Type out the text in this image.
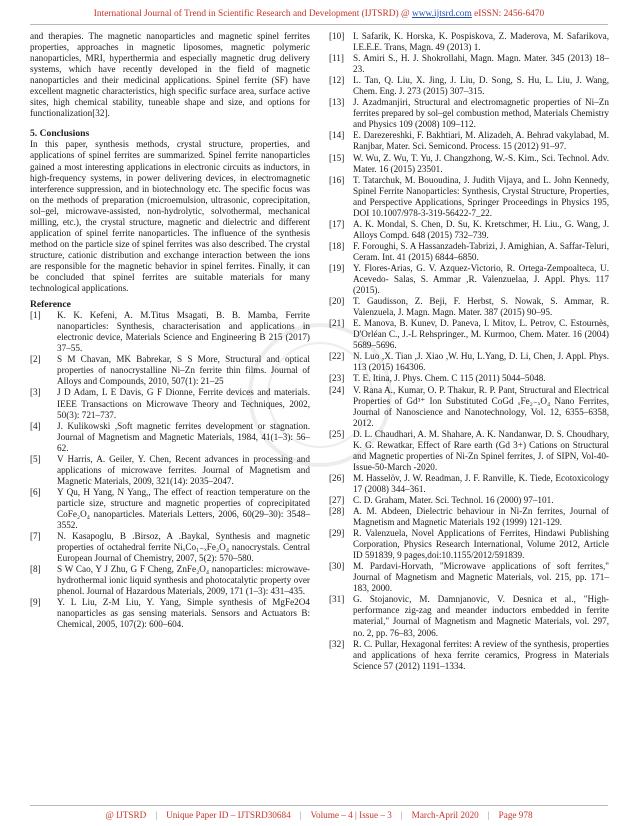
International Journal of Trend in Scientific Research and Development (IJTSRD) @ www.ijtsrd.com eISSN: 2456-6470

and therapies. The magnetic nanoparticles and magnetic spinel ferrites properties, approaches in magnetic liposomes, magnetic polymeric nanoparticles, MRI, hyperthermia and especially magnetic drug delivery systems, which have recently developed in the field of magnetic nanoparticles and their medicinal applications. Spinel ferrite (SF) have excellent magnetic characteristics, high specific surface area, surface active sites, high chemical stability, tuneable shape and size, and options for functionalization[32].

5. Conclusions

In this paper, synthesis methods, crystal structure, properties, and applications of spinel ferrites are summarized. Spinel ferrite nanoparticles gained a most interesting applications in electronic circuits as inductors, in high-frequency systems, in power delivering devices, in electromagnetic interference suppression, and in biotechnology etc. The specific focus was on the methods of preparation (microemulsion, ultrasonic, coprecipitation, sol–gel, microwave-assisted, non-hydrolytic, solvothermal, mechanical milling, etc.), the crystal structure, magnetic and dielectric and different application of spinel ferrite nanoparticles. The influence of the synthesis method on the particle size of spinel ferrites was also described. The crystal structure, cationic distribution and exchange interaction between the ions are responsible for the magnetic behavior in spinel ferrites. Finally, it can be concluded that spinel ferrites are suitable materials for many technological applications.

Reference

[1]	K. K. Kefeni, A. M.Titus Msagati, B. B. Mamba, Ferrite nanoparticles: Synthesis, characterisation and applications in electronic device, Materials Science and Engineering B 215 (2017) 37–55.
[2]	S M Chavan, MK Babrekar, S S More, Structural and optical properties of nanocrystalline Ni–Zn ferrite thin films. Journal of Alloys and Compounds, 2010, 507(1): 21–25
[3]	J D Adam, L E Davis, G F Dionne, Ferrite devices and materials. IEEE Transactions on Microwave Theory and Techniques, 2002, 50(3): 721–737.
[4]	J. Kulikowski ,Soft magnetic ferrites development or stagnation. Journal of Magnetism and Magnetic Materials, 1984, 41(1–3): 56–62.
[5]	V Harris, A. Geiler, Y. Chen, Recent advances in processing and applications of microwave ferrites. Journal of Magnetism and Magnetic Materials, 2009, 321(14): 2035–2047.
[6]	Y Qu, H Yang, N Yang,, The effect of reaction temperature on the particle size, structure and magnetic properties of coprecipitated CoFe₂O₄ nanoparticles. Materials Letters, 2006, 60(29–30): 3548–3552.
[7]	N. Kasapoglu, B .Birsoz, A .Baykal, Synthesis and magnetic properties of octahedral ferrite NiₓCo₁₋ₓFe₂O₄ nanocrystals. Central European Journal of Chemistry, 2007, 5(2): 570–580.
[8]	S W Cao, Y J Zhu, G F Cheng, ZnFe₂O₄ nanoparticles: microwave-hydrothermal ionic liquid synthesis and photocatalytic property over phenol. Journal of Hazardous Materials, 2009, 171 (1–3): 431–435.
[9]	Y. L Liu, Z-M Liu, Y. Yang, Simple synthesis of MgFe2O4 nanoparticles as gas sensing materials. Sensors and Actuators B: Chemical, 2005, 107(2): 600–604.
[10] I. Safarik, K. Horska, K. Pospiskova, Z. Maderova, M. Safarikova, I.E.E.E. Trans, Magn. 49 (2013) 1.
[11] S. Amiri S., H. J. Shokrollahi, Magn. Magn. Mater. 345 (2013) 18–23.
[12] L. Tan, Q. Liu, X. Jing, J. Liu, D. Song, S. Hu, L. Liu, J. Wang, Chem. Eng. J. 273 (2015) 307–315.
[13] J. Azadmanjiri, Structural and electromagnetic properties of Ni–Zn ferrites prepared by sol–gel combustion method, Materials Chemistry and Physics 109 (2008) 109–112.
[14] E. Darezereshki, F. Bakhtiari, M. Alizadeh, A. Behrad vakylabad, M. Ranjbar, Mater. Sci. Semicond. Process. 15 (2012) 91–97.
[15] W. Wu, Z. Wu, T. Yu, J. Changzhong, W.-S. Kim., Sci. Technol. Adv. Mater. 16 (2015) 23501.
[16] T. Tatarchuk, M. Bououdina, J. Judith Vijaya, and L. John Kennedy, Spinel Ferrite Nanoparticles: Synthesis, Crystal Structure, Properties, and Perspective Applications, Springer Proceedings in Physics 195, DOI 10.1007/978-3-319-56422-7_22.
[17] A. K. Mondal, S. Chen, D. Su, K. Kretschmer, H. Liu., G. Wang, J. Alloys Compd. 648 (2015) 732–739.
[18] F. Foroughi, S. A Hassanzadeh-Tabrizi, J. Amighian, A. Saffar-Teluri, Ceram. Int. 41 (2015) 6844–6850.
[19] Y. Flores-Arias, G. V. Azquez-Victorio, R. Ortega-Zempoalteca, U. Acevedo- Salas, S. Ammar ,R. Valenzuelaa, J. Appl. Phys. 117 (2015).
[20] T. Gaudisson, Z. Beji, F. Herbst, S. Nowak, S. Ammar, R. Valenzuela, J. Magn. Magn. Mater. 387 (2015) 90–95.
[21] E. Manova, B. Kunev, D. Paneva, I. Mitov, L. Petrov, C. Estournès, D'Orléan C., J.-L Rehspringer., M. Kurmoo, Chem. Mater. 16 (2004) 5689–5696.
[22] N. Luo ,X. Tian ,J. Xiao ,W. Hu, L.Yang, D. Li, Chen, J. Appl. Phys. 113 (2015) 164306.
[23] T. E. Itina, J. Phys. Chem. C 115 (2011) 5044–5048.
[24] V. Rana A., Kumar, O. P. Thakur, R. P. Pant, Structural and Electrical Properties of Gd³⁺ Ion Substituted CoGd ₓFe₂₋ₓO₄ Nano Ferrites, Journal of Nanoscience and Nanotechnology, Vol. 12, 6355–6358, 2012.
[25] D. L. Chaudhari, A. M. Shahare, A. K. Nandanwar, D. S. Choudhary, K. G. Rewatkar, Effect of Rare earth (Gd 3+) Cations on Structural and Magnetic properties of Ni-Zn Spinel ferrites, J. of SIPN, Vol-40-Issue-50-March -2020.
[26] M. Hasselöv, J. W. Readman, J. F. Ranville, K. Tiede, Ecotoxicology 17 (2008) 344–361.
[27] C. D. Graham, Mater. Sci. Technol. 16 (2000) 97–101.
[28] A. M. Abdeen, Dielectric behaviour in Ni-Zn ferrites, Journal of Magnetism and Magnetic Materials 192 (1999) 121-129.
[29] R. Valenzuela, Novel Applications of Ferrites, Hindawi Publishing Corporation, Physics Research International, Volume 2012, Article ID 591839, 9 pages,doi:10.1155/2012/591839.
[30] M. Pardavi-Horvath, "Microwave applications of soft ferrites," Journal of Magnetism and Magnetic Materials, vol. 215, pp. 171–183, 2000.
[31] G. Stojanovic, M. Damnjanovic, V. Desnica et al., "High-performance zig-zag and meander inductors embedded in ferrite material," Journal of Magnetism and Magnetic Materials, vol. 297, no. 2, pp. 76–83, 2006.
[32] R. C. Pullar, Hexagonal ferrites: A review of the synthesis, properties and applications of hexa ferrite ceramics, Progress in Materials Science 57 (2012) 1191–1334.
@ IJTSRD | Unique Paper ID – IJTSRD30684 | Volume – 4 | Issue – 3 | March-April 2020 | Page 978
